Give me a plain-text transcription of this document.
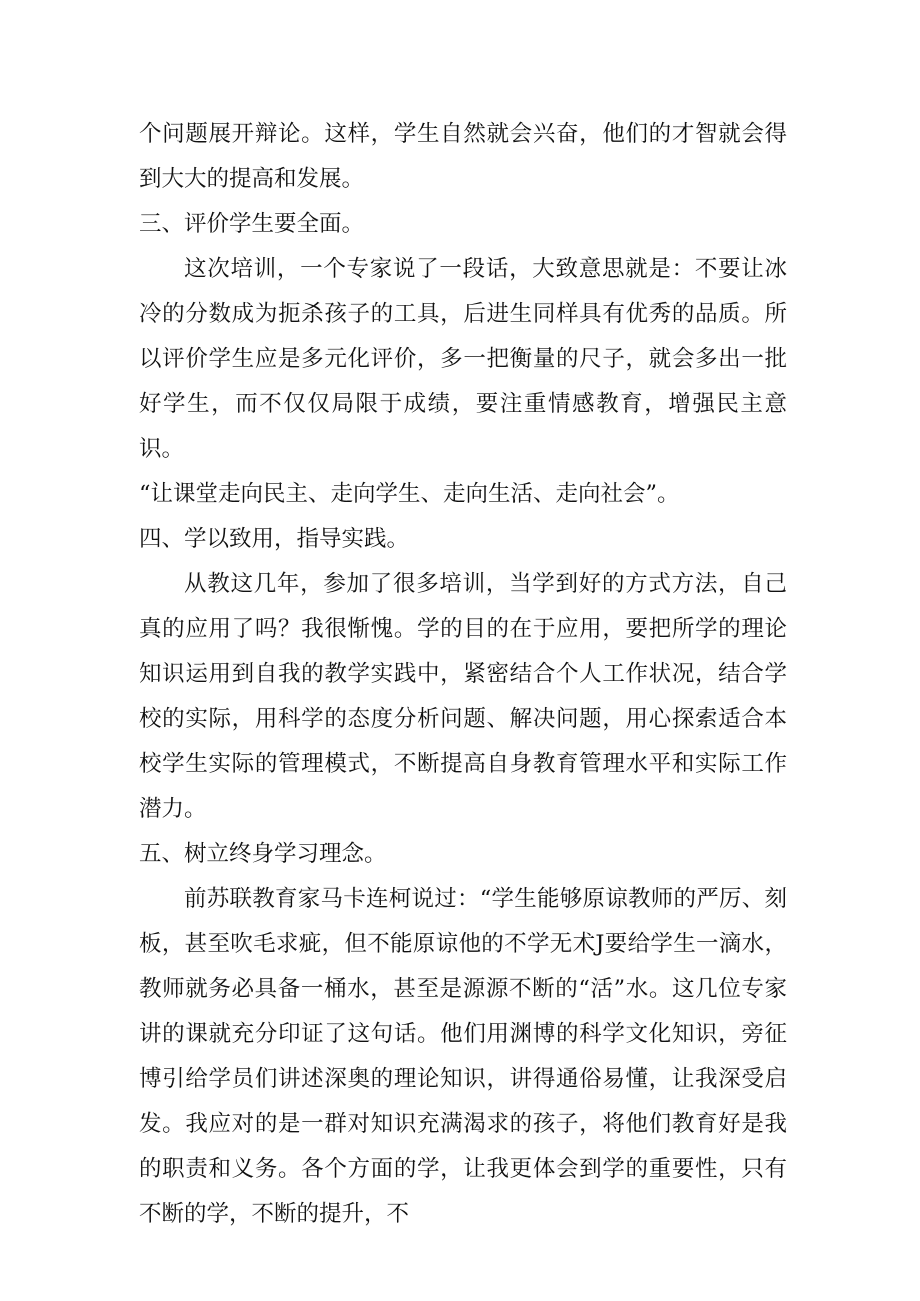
个问题展开辩论。这样，学生自然就会兴奋，他们的才智就会得到大大的提高和发展。

三、评价学生要全面。

这次培训，一个专家说了一段话，大致意思就是：不要让冰冷的分数成为扼杀孩子的工具，后进生同样具有优秀的品质。所以评价学生应是多元化评价，多一把衡量的尺子，就会多出一批好学生，而不仅仅局限于成绩，要注重情感教育，增强民主意识。

“让课堂走向民主、走向学生、走向生活、走向社会”。

四、学以致用，指导实践。

从教这几年，参加了很多培训，当学到好的方式方法，自己真的应用了吗？我很惭愧。学的目的在于应用，要把所学的理论知识运用到自我的教学实践中，紧密结合个人工作状况，结合学校的实际，用科学的态度分析问题、解决问题，用心探索适合本校学生实际的管理模式，不断提高自身教育管理水平和实际工作潜力。

五、树立终身学习理念。

前苏联教育家马卡连柯说过：“学生能够原谅教师的严厉、刻板，甚至吹毛求疵，但不能原谅他的不学无术J要给学生一滴水，教师就务必具备一桶水，甚至是源源不断的“活”水。这几位专家讲的课就充分印证了这句话。他们用渊博的科学文化知识，旁征博引给学员们讲述深奥的理论知识，讲得通俗易懂，让我深受启发。我应对的是一群对知识充满渴求的孩子，将他们教育好是我的职责和义务。各个方面的学，让我更体会到学的重要性，只有不断的学，不断的提升，不
